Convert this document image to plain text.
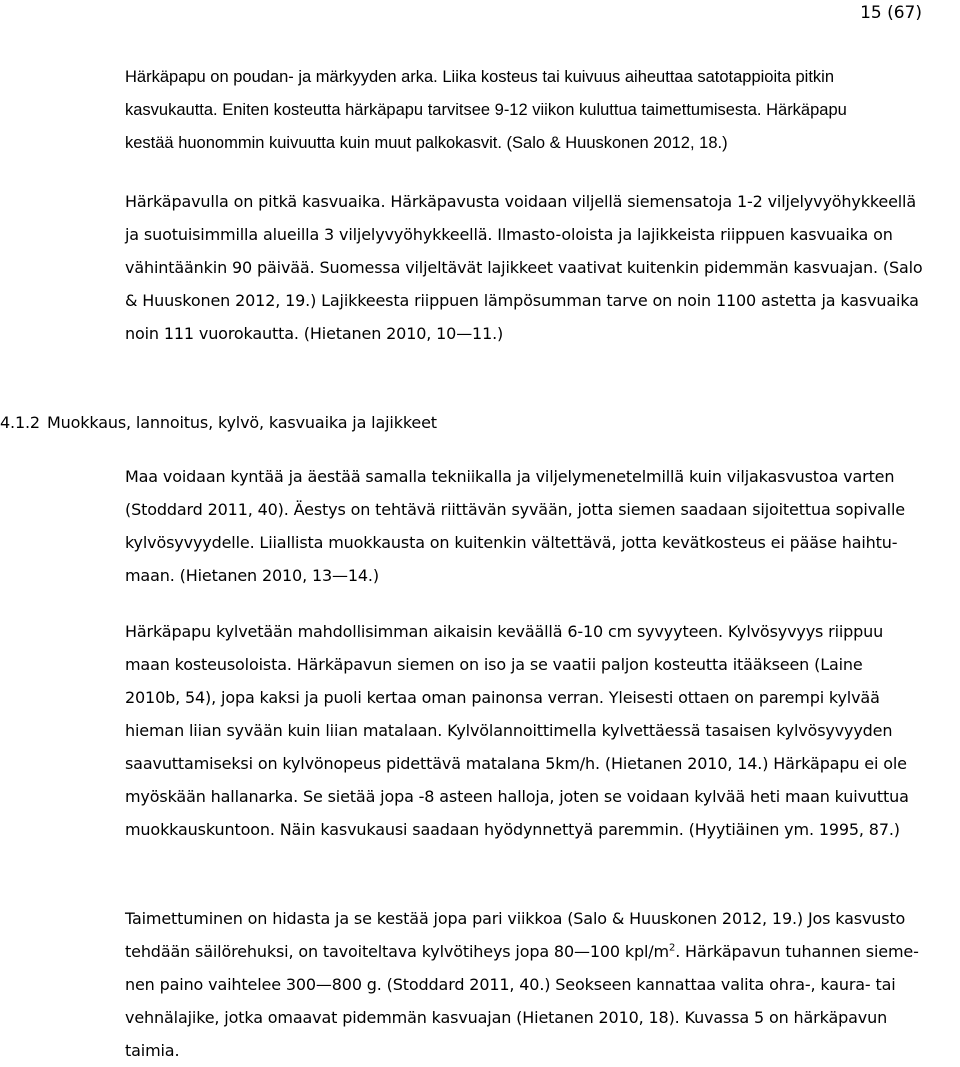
15 (67)

Härkäpapu on poudan- ja märkyyden arka. Liika kosteus tai kuivuus aiheuttaa satotappioita pitkin
kasvukautta. Eniten kosteutta härkäpapu tarvitsee 9-12 viikon kuluttua taimettumisesta. Härkäpapu
kestää huonommin kuivuutta kuin muut palkokasvit. (Salo & Huuskonen 2012, 18.)

Härkäpavulla on pitkä kasvuaika. Härkäpavusta voidaan viljellä siemensatoja 1-2 viljelyvyöhykkeellä
ja suotuisimmilla alueilla 3 viljelyvyöhykkeellä. Ilmasto-oloista ja lajikkeista riippuen kasvuaika on
vähintäänkin 90 päivää. Suomessa viljeltävät lajikkeet vaativat kuitenkin pidemmän kasvuajan. (Salo
& Huuskonen 2012, 19.) Lajikkeesta riippuen lämpösumman tarve on noin 1100 astetta ja kasvuaika
noin 111 vuorokautta. (Hietanen 2010, 10—11.)

4.1.2 Muokkaus, lannoitus, kylvö, kasvuaika ja lajikkeet

Maa voidaan kyntää ja äestää samalla tekniikalla ja viljelymenetelmillä kuin viljakasvustoa varten
(Stoddard 2011, 40). Äestys on tehtävä riittävän syvään, jotta siemen saadaan sijoitettua sopivalle
kylvösyvyydelle. Liiallista muokkausta on kuitenkin vältettävä, jotta kevätkosteus ei pääse haihtu-
maan. (Hietanen 2010, 13—14.)

Härkäpapu kylvetään mahdollisimman aikaisin keväällä 6-10 cm syvyyteen. Kylvösyvyys riippuu
maan kosteusoloista. Härkäpavun siemen on iso ja se vaatii paljon kosteutta itääkseen (Laine
2010b, 54), jopa kaksi ja puoli kertaa oman painonsa verran. Yleisesti ottaen on parempi kylvää
hieman liian syvään kuin liian matalaan. Kylvölannoittimella kylvettäessä tasaisen kylvösyvyyden
saavuttamiseksi on kylvönopeus pidettävä matalana 5km/h. (Hietanen 2010, 14.) Härkäpapu ei ole
myöskään hallanarka. Se sietää jopa -8 asteen halloja, joten se voidaan kylvää heti maan kuivuttua
muokkauskuntoon. Näin kasvukausi saadaan hyödynnettyä paremmin. (Hyytiäinen ym. 1995, 87.)

Taimettuminen on hidasta ja se kestää jopa pari viikkoa (Salo & Huuskonen 2012, 19.) Jos kasvusto
tehdään säilörehuksi, on tavoiteltava kylvötiheys jopa 80—100 kpl/$m^2$. Härkäpavun tuhannen sieme-
nen paino vaihtelee 300—800 g. (Stoddard 2011, 40.) Seokseen kannattaa valita ohra-, kaura- tai
vehnälajike, jotka omaavat pidemmän kasvuajan (Hietanen 2010, 18). Kuvassa 5 on härkäpavun
taimia.
